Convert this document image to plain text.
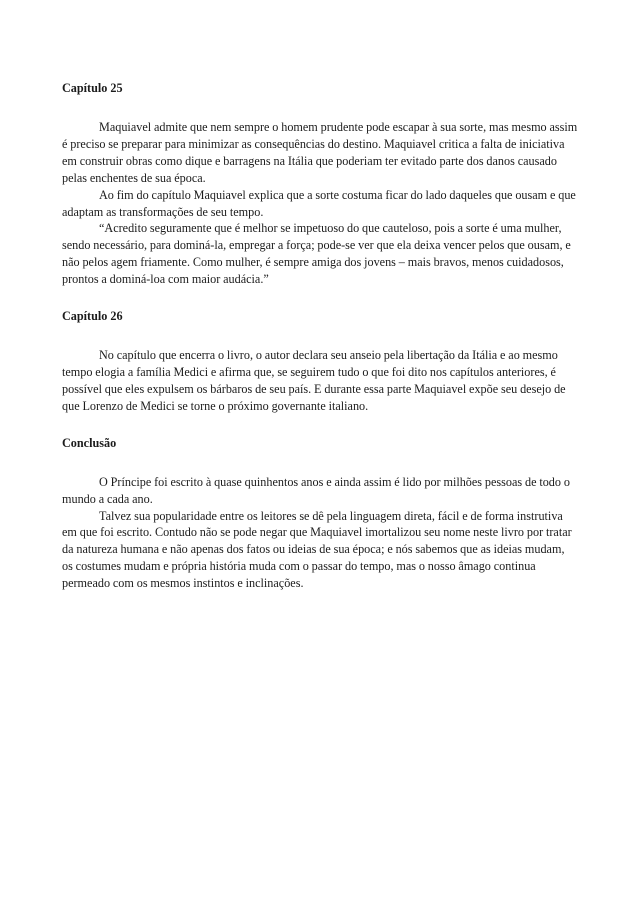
Capítulo 25

Maquiavel admite que nem sempre o homem prudente pode escapar à sua sorte, mas mesmo assim é preciso se preparar para minimizar as consequências do destino. Maquiavel critica a falta de iniciativa em construir obras como dique e barragens na Itália que poderiam ter evitado parte dos danos causado pelas enchentes de sua época.

Ao fim do capítulo Maquiavel explica que a sorte costuma ficar do lado daqueles que ousam e que adaptam as transformações de seu tempo.

“Acredito seguramente que é melhor se impetuoso do que cauteloso, pois a sorte é uma mulher, sendo necessário, para dominá-la, empregar a força; pode-se ver que ela deixa vencer pelos que ousam, e não pelos agem friamente. Como mulher, é sempre amiga dos jovens – mais bravos, menos cuidadosos, prontos a dominá-loa com maior audácia.”

Capítulo 26

No capítulo que encerra o livro, o autor declara seu anseio pela libertação da Itália e ao mesmo tempo elogia a família Medici e afirma que, se seguirem tudo o que foi dito nos capítulos anteriores, é possível que eles expulsem os bárbaros de seu país. E durante essa parte Maquiavel expõe seu desejo de que Lorenzo de Medici se torne o próximo governante italiano.

Conclusão

O Príncipe foi escrito à quase quinhentos anos e ainda assim é lido por milhões pessoas de todo o mundo a cada ano.

Talvez sua popularidade entre os leitores se dê pela linguagem direta, fácil e de forma instrutiva em que foi escrito. Contudo não se pode negar que Maquiavel imortalizou seu nome neste livro por tratar da natureza humana e não apenas dos fatos ou ideias de sua época; e nós sabemos que as ideias mudam, os costumes mudam e própria história muda com o passar do tempo, mas o nosso âmago continua permeado com os mesmos instintos e inclinações.
